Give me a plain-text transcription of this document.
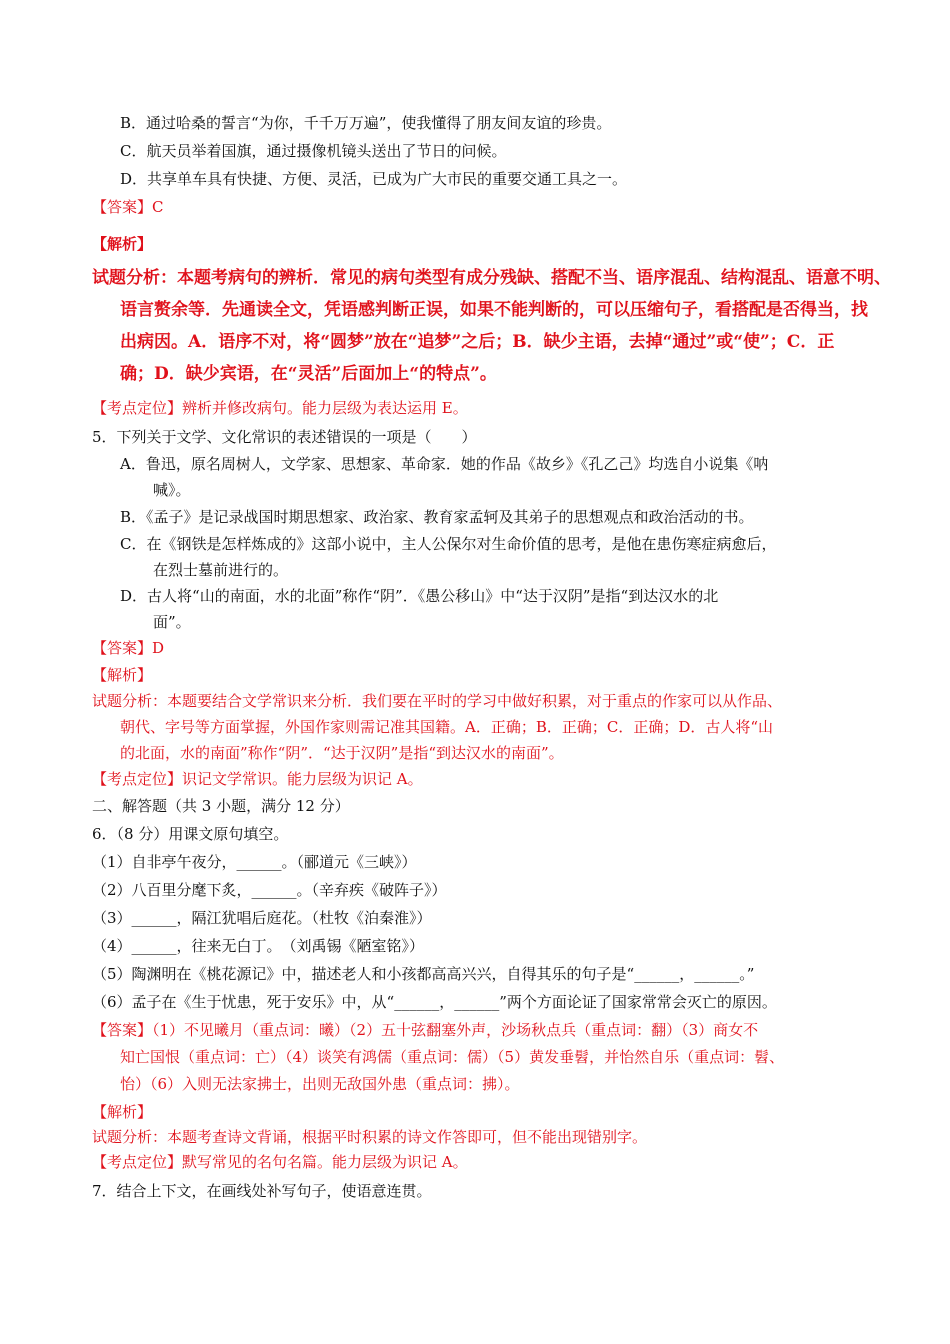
B．通过哈桑的誓言“为你，千千万万遍”，使我懂得了朋友间友谊的珍贵。
C．航天员举着国旗，通过摄像机镜头送出了节日的问候。
D．共享单车具有快捷、方便、灵活，已成为广大市民的重要交通工具之一。
【答案】C
【解析】
试题分析：本题考病句的辨析．常见的病句类型有成分残缺、搭配不当、语序混乱、结构混乱、语意不明、
语言赘余等．先通读全文，凭语感判断正误，如果不能判断的，可以压缩句子，看搭配是否得当，找
出病因。A．语序不对，将“圆梦”放在“追梦”之后；B．缺少主语，去掉“通过”或“使”；C．正
确；D．缺少宾语，在“灵活”后面加上“的特点”。
【考点定位】辨析并修改病句。能力层级为表达运用 E。
5．下列关于文学、文化常识的表述错误的一项是（　　）
A．鲁迅，原名周树人，文学家、思想家、革命家．她的作品《故乡》《孔乙己》均选自小说集《呐
喊》。
B．《孟子》是记录战国时期思想家、政治家、教育家孟轲及其弟子的思想观点和政治活动的书。
C．在《钢铁是怎样炼成的》这部小说中，主人公保尔对生命价值的思考，是他在患伤寒症病愈后，
在烈士墓前进行的。
D．古人将“山的南面，水的北面”称作“阴”．《愚公移山》中“达于汉阴”是指“到达汉水的北
面”。
【答案】D
【解析】
试题分析：本题要结合文学常识来分析．我们要在平时的学习中做好积累，对于重点的作家可以从作品、
朝代、字号等方面掌握，外国作家则需记准其国籍。A．正确；B．正确；C．正确；D．古人将“山
的北面，水的南面”称作“阴”．“达于汉阴”是指“到达汉水的南面”。
【考点定位】识记文学常识。能力层级为识记 A。
二、解答题（共 3 小题，满分 12 分）
6．（8 分）用课文原句填空。
（1）自非亭午夜分，______。（郦道元《三峡》）
（2）八百里分麾下炙，______。（辛弃疾《破阵子》）
（3）______，隔江犹唱后庭花。（杜牧《泊秦淮》）
（4）______，往来无白丁。　（刘禹锡《陋室铭》）
（5）陶渊明在《桃花源记》中，描述老人和小孩都高高兴兴，自得其乐的句子是“______，______。”
（6）孟子在《生于忧患，死于安乐》中，从“______，______”两个方面论证了国家常常会灭亡的原因。
【答案】（1）不见曦月（重点词：曦）（2）五十弦翻塞外声，沙场秋点兵（重点词：翻）（3）商女不
知亡国恨（重点词：亡）（4）谈笑有鸿儒（重点词：儒）（5）黄发垂髫，并怡然自乐（重点词：髫、
怡）（6）入则无法家拂士，出则无敌国外患（重点词：拂）。
【解析】
试题分析：本题考查诗文背诵，根据平时积累的诗文作答即可，但不能出现错别字。
【考点定位】默写常见的名句名篇。能力层级为识记 A。
7．结合上下文，在画线处补写句子，使语意连贯。
